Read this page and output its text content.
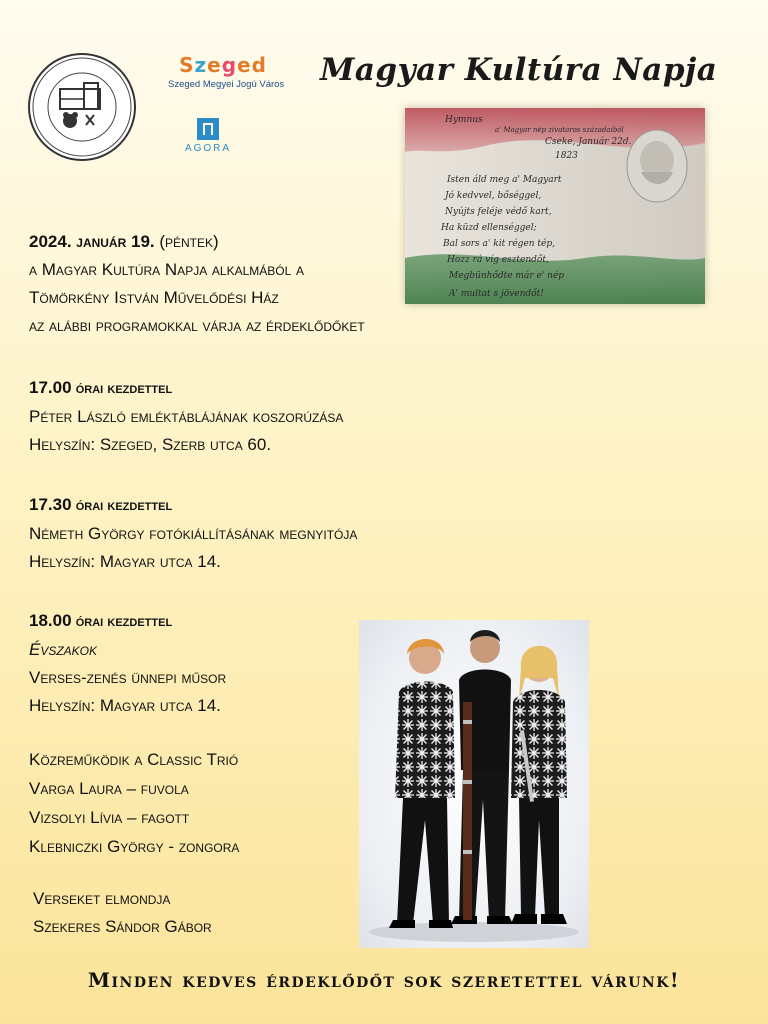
Szeged
Szeged Megyei Jogú Város
AGORA
Magyar Kultúra Napja
Hymnus
a' Magyar nép zivataros századaiból
Cseke, Január 22d.
1823
Isten áld meg a' Magyart
Jó kedvvel, bőséggel,
Nyújts feléje védő kart,
Ha küzd ellenséggel;
Bal sors a' kit régen tép,
Hozz rá víg esztendőt,
Megbünhődte már e' nép
A' multat s jövendőt!
2024. január 19. (péntek)
a Magyar Kultúra Napja alkalmából a
Tömörkény István Művelődési Ház
az alábbi programokkal várja az érdeklődőket
17.00 órai kezdettel
Péter László emléktáblájának koszorúzása
Helyszín: Szeged, Szerb utca 60.
17.30 órai kezdettel
Németh György fotókiállításának megnyitója
Helyszín: Magyar utca 14.
18.00 órai kezdettel
Évszakok
Verses-zenés ünnepi műsor
Helyszín: Magyar utca 14.
Közreműködik a Classic Trió
Varga Laura – fuvola
Vizsolyi Lívia – fagott
Klebniczki György - zongora
Verseket elmondja
Szekeres Sándor Gábor
Minden kedves érdeklődőt sok szeretettel várunk!
